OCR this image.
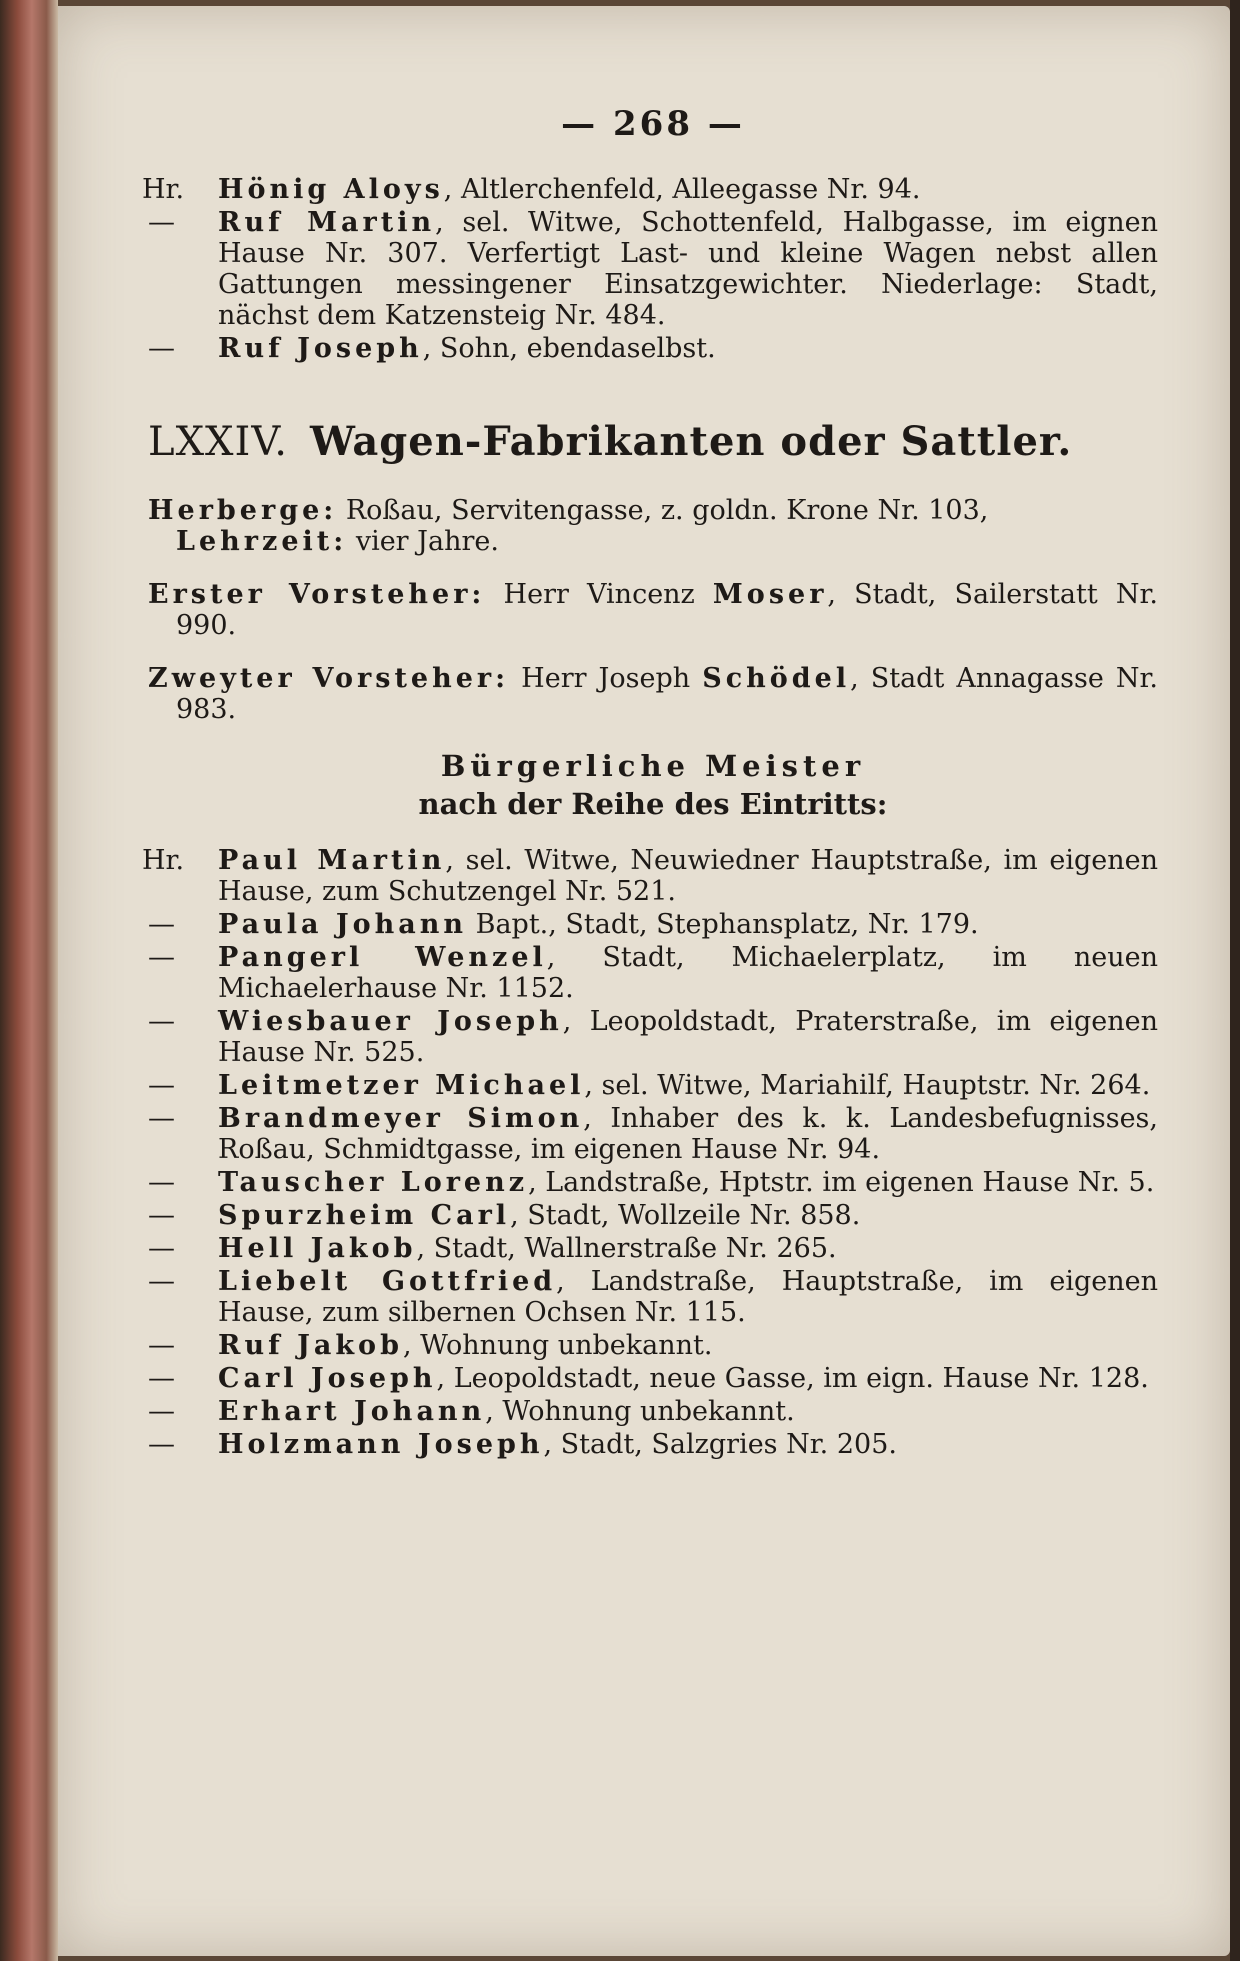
— 268 —

Hr.	Hönig Aloys, Altlerchenfeld, Alleegasse Nr. 94.

—	Ruf Martin, sel. Witwe, Schottenfeld, Halbgasse, im eignen Hause Nr. 307. Verfertigt Last- und kleine Wagen nebst allen Gattungen messingener Einsatzgewichter. Niederlage: Stadt, nächst dem Katzensteig Nr. 484.

—	Ruf Joseph, Sohn, ebendaselbst.

LXXIV. Wagen-Fabrikanten oder Sattler.

Herberge: Roßau, Servitengasse, z. goldn. Krone Nr. 103,
Lehrzeit: vier Jahre.

Erster Vorsteher: Herr Vincenz Moser, Stadt, Sailerstatt Nr. 990.

Zweyter Vorsteher: Herr Joseph Schödel, Stadt Annagasse Nr. 983.

Bürgerliche Meister
nach der Reihe des Eintritts:

Hr.	Paul Martin, sel. Witwe, Neuwiedner Hauptstraße, im eigenen Hause, zum Schutzengel Nr. 521.

—	Paula Johann Bapt., Stadt, Stephansplatz, Nr. 179.

—	Pangerl Wenzel, Stadt, Michaelerplatz, im neuen Michaelerhause Nr. 1152.

—	Wiesbauer Joseph, Leopoldstadt, Praterstraße, im eigenen Hause Nr. 525.

—	Leitmetzer Michael, sel. Witwe, Mariahilf, Hauptstr. Nr. 264.

—	Brandmeyer Simon, Inhaber des k. k. Landesbefugnisses, Roßau, Schmidtgasse, im eigenen Hause Nr. 94.

—	Tauscher Lorenz, Landstraße, Hptstr. im eigenen Hause Nr. 5.

—	Spurzheim Carl, Stadt, Wollzeile Nr. 858.

—	Hell Jakob, Stadt, Wallnerstraße Nr. 265.

—	Liebelt Gottfried, Landstraße, Hauptstraße, im eigenen Hause, zum silbernen Ochsen Nr. 115.

—	Ruf Jakob, Wohnung unbekannt.

—	Carl Joseph, Leopoldstadt, neue Gasse, im eign. Hause Nr. 128.

—	Erhart Johann, Wohnung unbekannt.

—	Holzmann Joseph, Stadt, Salzgries Nr. 205.
